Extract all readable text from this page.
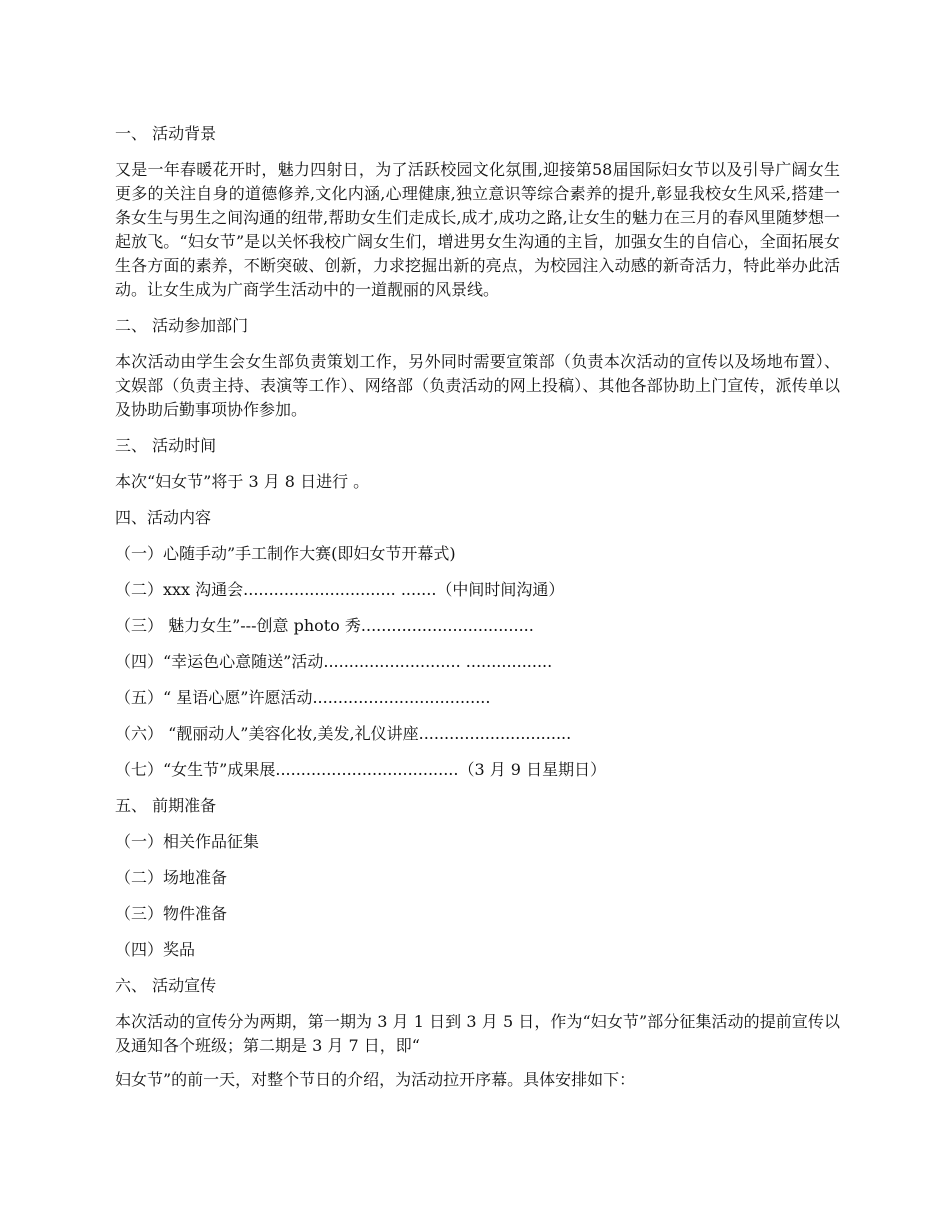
一、 活动背景
又是一年春暖花开时，魅力四射日，为了活跃校园文化氛围,迎接第58届国际妇女节以及引导广阔女生更多的关注自身的道德修养,文化内涵,心理健康,独立意识等综合素养的提升,彰显我校女生风采,搭建一条女生与男生之间沟通的纽带,帮助女生们走成长,成才,成功之路,让女生的魅力在三月的春风里随梦想一起放飞。“妇女节”是以关怀我校广阔女生们，增进男女生沟通的主旨，加强女生的自信心，全面拓展女生各方面的素养，不断突破、创新，力求挖掘出新的亮点，为校园注入动感的新奇活力，特此举办此活动。让女生成为广商学生活动中的一道靓丽的风景线。
二、 活动参加部门
本次活动由学生会女生部负责策划工作，另外同时需要宣策部（负责本次活动的宣传以及场地布置）、文娱部（负责主持、表演等工作）、网络部（负责活动的网上投稿）、其他各部协助上门宣传，派传单以及协助后勤事项协作参加。
三、 活动时间
本次“妇女节”将于 3 月 8 日进行 。
四、活动内容
（一）心随手动”手工制作大赛(即妇女节开幕式)
（二）xxx 沟通会.............................. .......（中间时间沟通）
（三） 魅力女生”---创意 photo 秀..................................
（四）“幸运色心意随送”活动........................... .................
（五）“ 星语心愿”许愿活动...................................
（六） “靓丽动人”美容化妆,美发,礼仪讲座..............................
（七）“女生节”成果展....................................（3 月 9 日星期日）
五、 前期准备
（一）相关作品征集
（二）场地准备
（三）物件准备
（四）奖品
六、 活动宣传
本次活动的宣传分为两期，第一期为 3 月 1 日到 3 月 5 日，作为“妇女节”部分征集活动的提前宣传以及通知各个班级；第二期是 3 月 7 日，即“
妇女节”的前一天，对整个节日的介绍，为活动拉开序幕。具体安排如下：
